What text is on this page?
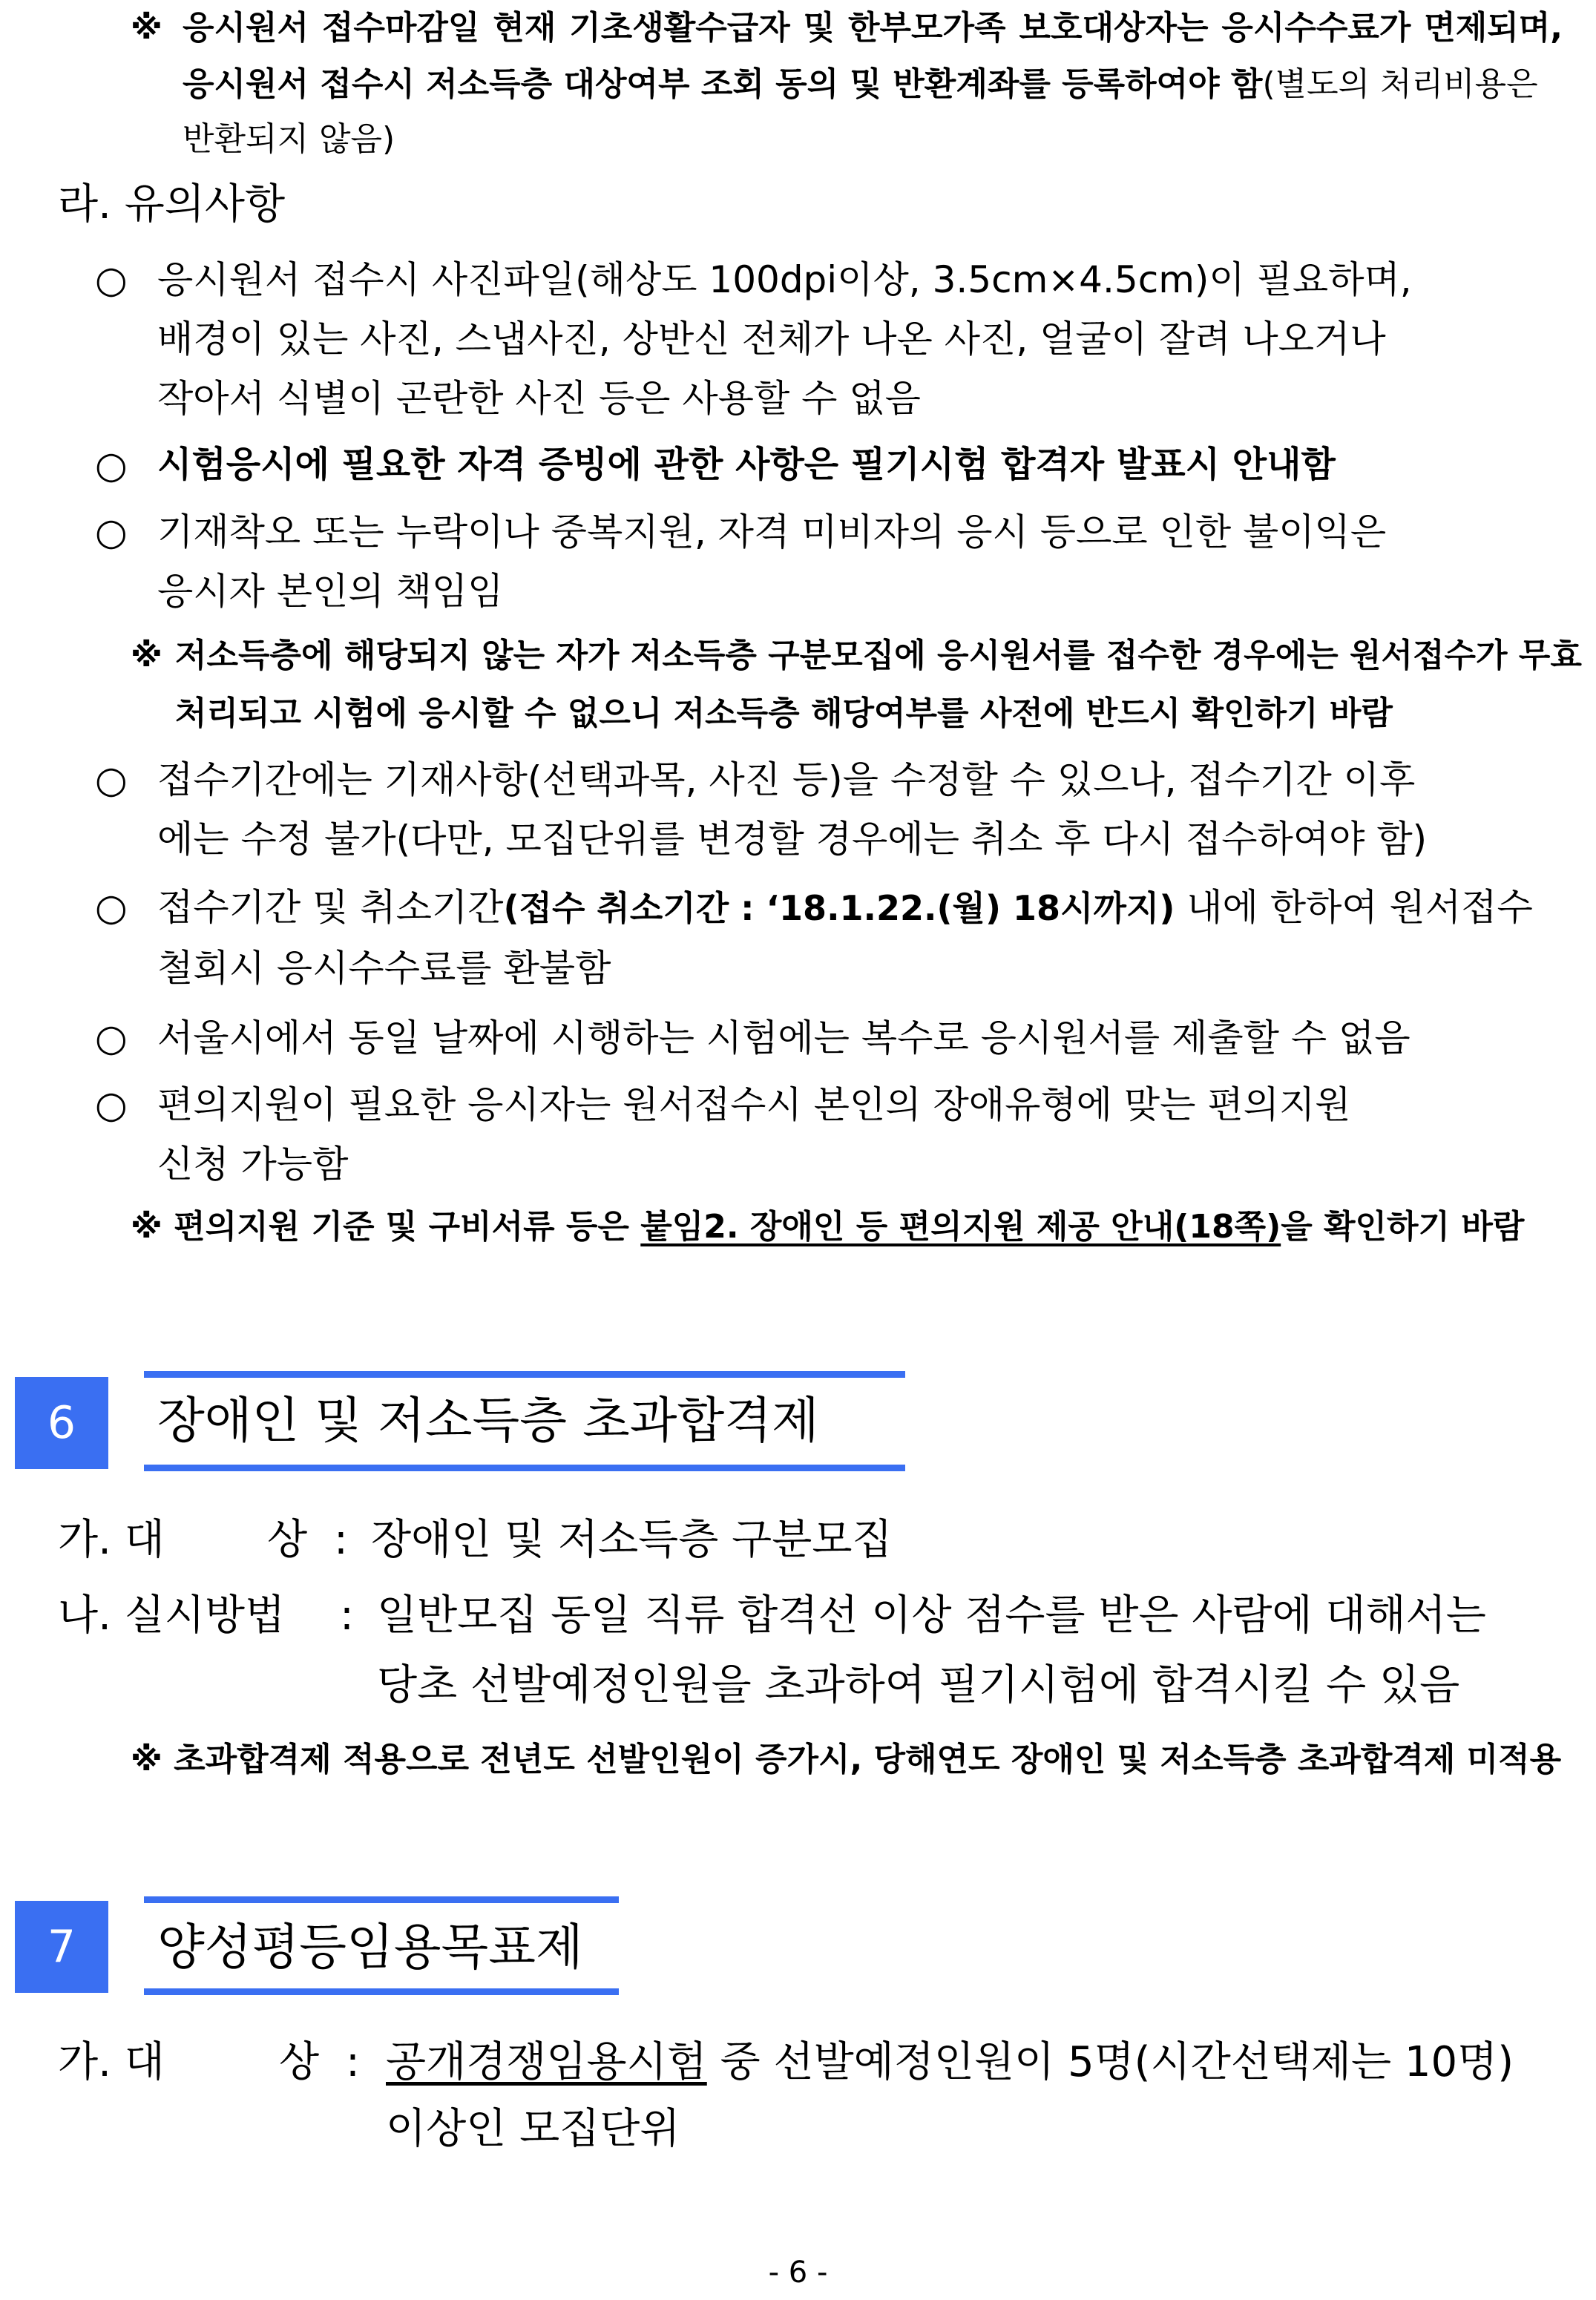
※ 응시원서 접수마감일 현재 기초생활수급자 및 한부모가족 보호대상자는 응시수수료가 면제되며,
응시원서 접수시 저소득층 대상여부 조회 동의 및 반환계좌를 등록하여야 함(별도의 처리비용은
반환되지 않음)
라. 유의사항
○ 응시원서 접수시 사진파일(해상도 100dpi이상, 3.5cm×4.5cm)이 필요하며,
배경이 있는 사진, 스냅사진, 상반신 전체가 나온 사진, 얼굴이 잘려 나오거나
작아서 식별이 곤란한 사진 등은 사용할 수 없음
○ 시험응시에 필요한 자격 증빙에 관한 사항은 필기시험 합격자 발표시 안내함
○ 기재착오 또는 누락이나 중복지원, 자격 미비자의 응시 등으로 인한 불이익은
응시자 본인의 책임임
※ 저소득층에 해당되지 않는 자가 저소득층 구분모집에 응시원서를 접수한 경우에는 원서접수가 무효
처리되고 시험에 응시할 수 없으니 저소득층 해당여부를 사전에 반드시 확인하기 바람
○ 접수기간에는 기재사항(선택과목, 사진 등)을 수정할 수 있으나, 접수기간 이후
에는 수정 불가(다만, 모집단위를 변경할 경우에는 취소 후 다시 접수하여야 함)
○ 접수기간 및 취소기간(접수 취소기간 : ‘18.1.22.(월) 18시까지) 내에 한하여 원서접수
철회시 응시수수료를 환불함
○ 서울시에서 동일 날짜에 시행하는 시험에는 복수로 응시원서를 제출할 수 없음
○ 편의지원이 필요한 응시자는 원서접수시 본인의 장애유형에 맞는 편의지원
신청 가능함
※ 편의지원 기준 및 구비서류 등은 붙임2. 장애인 등 편의지원 제공 안내(18쪽)을 확인하기 바람
6 장애인 및 저소득층 초과합격제
가. 대 상 : 장애인 및 저소득층 구분모집
나. 실시방법 : 일반모집 동일 직류 합격선 이상 점수를 받은 사람에 대해서는
당초 선발예정인원을 초과하여 필기시험에 합격시킬 수 있음
※ 초과합격제 적용으로 전년도 선발인원이 증가시, 당해연도 장애인 및 저소득층 초과합격제 미적용
7 양성평등임용목표제
가. 대	상 : 공개경쟁임용시험 중 선발예정인원이 5명(시간선택제는 10명)
이상인 모집단위
- 6 -
